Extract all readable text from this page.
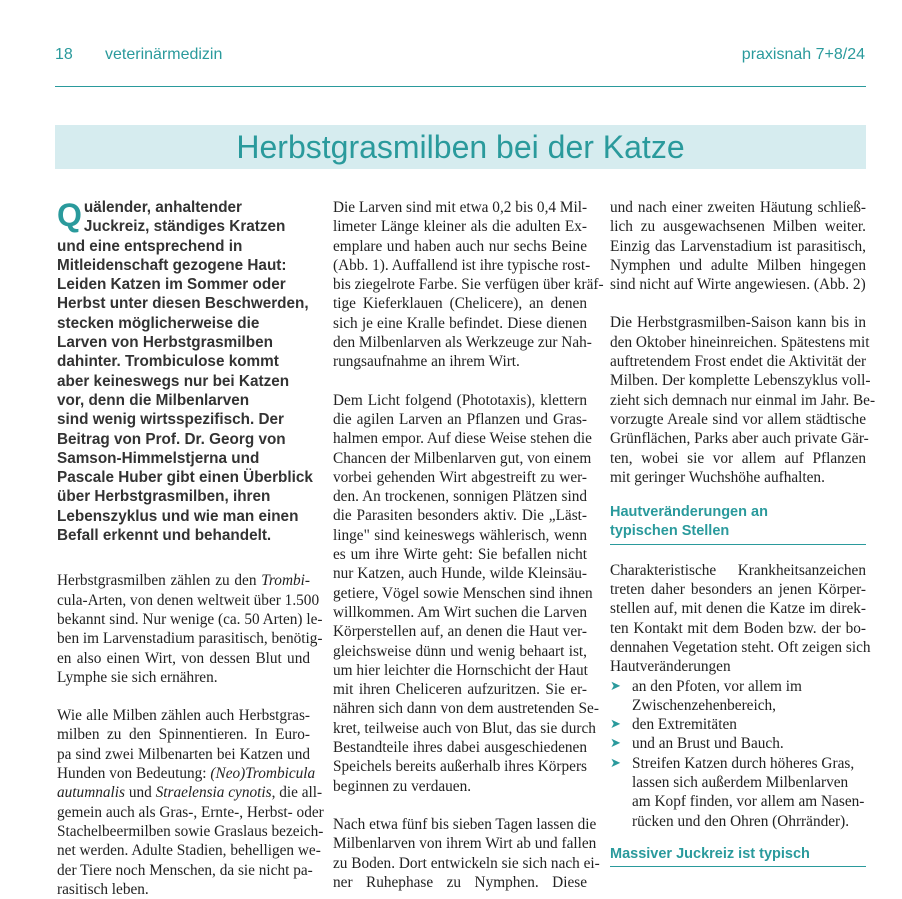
18 veterinärmedizin	praxisnah 7+8/24
Herbstgrasmilben bei der Katze
Q uälender, anhaltender
Juckreiz, ständiges Kratzen
und eine entsprechend in
Mitleidenschaft gezogene Haut:
Leiden Katzen im Sommer oder
Herbst unter diesen Beschwerden,
stecken möglicherweise die
Larven von Herbstgrasmilben
dahinter. Trombiculose kommt
aber keineswegs nur bei Katzen
vor, denn die Milbenlarven
sind wenig wirtsspezifisch. Der
Beitrag von Prof. Dr. Georg von
Samson-Himmelstjerna und
Pascale Huber gibt einen Überblick
über Herbstgrasmilben, ihren
Lebenszyklus und wie man einen
Befall erkennt und behandelt.
Herbstgrasmilben zählen zu den Trombi-
cula-Arten, von denen weltweit über 1.500
bekannt sind. Nur wenige (ca. 50 Arten) le-
ben im Larvenstadium parasitisch, benötig-
en also einen Wirt, von dessen Blut und
Lymphe sie sich ernähren.
Wie alle Milben zählen auch Herbstgras-
milben zu den Spinnentieren. In Euro-
pa sind zwei Milbenarten bei Katzen und
Hunden von Bedeutung: (Neo)Trombicula
autumnalis und Straelensia cynotis, die all-
gemein auch als Gras-, Ernte-, Herbst- oder
Stachelbeermilben sowie Graslaus bezeich-
net werden. Adulte Stadien, behelligen we-
der Tiere noch Menschen, da sie nicht pa-
rasitisch leben.
Die Larven sind mit etwa 0,2 bis 0,4 Mil-
limeter Länge kleiner als die adulten Ex-
emplare und haben auch nur sechs Beine
(Abb. 1). Auffallend ist ihre typische rost-
bis ziegelrote Farbe. Sie verfügen über kräf-
tige Kieferklauen (Chelicere), an denen
sich je eine Kralle befindet. Diese dienen
den Milbenlarven als Werkzeuge zur Nah-
rungsaufnahme an ihrem Wirt.
Dem Licht folgend (Phototaxis), klettern
die agilen Larven an Pflanzen und Gras-
halmen empor. Auf diese Weise stehen die
Chancen der Milbenlarven gut, von einem
vorbei gehenden Wirt abgestreift zu wer-
den. An trockenen, sonnigen Plätzen sind
die Parasiten besonders aktiv. Die „Läst-
linge" sind keineswegs wählerisch, wenn
es um ihre Wirte geht: Sie befallen nicht
nur Katzen, auch Hunde, wilde Kleinsäu-
getiere, Vögel sowie Menschen sind ihnen
willkommen. Am Wirt suchen die Larven
Körperstellen auf, an denen die Haut ver-
gleichsweise dünn und wenig behaart ist,
um hier leichter die Hornschicht der Haut
mit ihren Cheliceren aufzuritzen. Sie er-
nähren sich dann von dem austretenden Se-
kret, teilweise auch von Blut, das sie durch
Bestandteile ihres dabei ausgeschiedenen
Speichels bereits außerhalb ihres Körpers
beginnen zu verdauen.
Nach etwa fünf bis sieben Tagen lassen die
Milbenlarven von ihrem Wirt ab und fallen
zu Boden. Dort entwickeln sie sich nach ei-
ner Ruhephase zu Nymphen. Diese
und nach einer zweiten Häutung schließ-
lich zu ausgewachsenen Milben weiter.
Einzig das Larvenstadium ist parasitisch,
Nymphen und adulte Milben hingegen
sind nicht auf Wirte angewiesen. (Abb. 2)
Die Herbstgrasmilben-Saison kann bis in
den Oktober hineinreichen. Spätestens mit
auftretendem Frost endet die Aktivität der
Milben. Der komplette Lebenszyklus voll-
zieht sich demnach nur einmal im Jahr. Be-
vorzugte Areale sind vor allem städtische
Grünflächen, Parks aber auch private Gär-
ten, wobei sie vor allem auf Pflanzen
mit geringer Wuchshöhe aufhalten.
Hautveränderungen an
typischen Stellen
Charakteristische Krankheitsanzeichen
treten daher besonders an jenen Körper-
stellen auf, mit denen die Katze im direk-
ten Kontakt mit dem Boden bzw. der bo-
dennahen Vegetation steht. Oft zeigen sich
Hautveränderungen
➤ an den Pfoten, vor allem im
Zwischenzehenbereich,
➤ den Extremitäten
➤ und an Brust und Bauch.
➤ Streifen Katzen durch höheres Gras,
lassen sich außerdem Milbenlarven
am Kopf finden, vor allem am Nasen-
rücken und den Ohren (Ohrränder).
Massiver Juckreiz ist typisch
